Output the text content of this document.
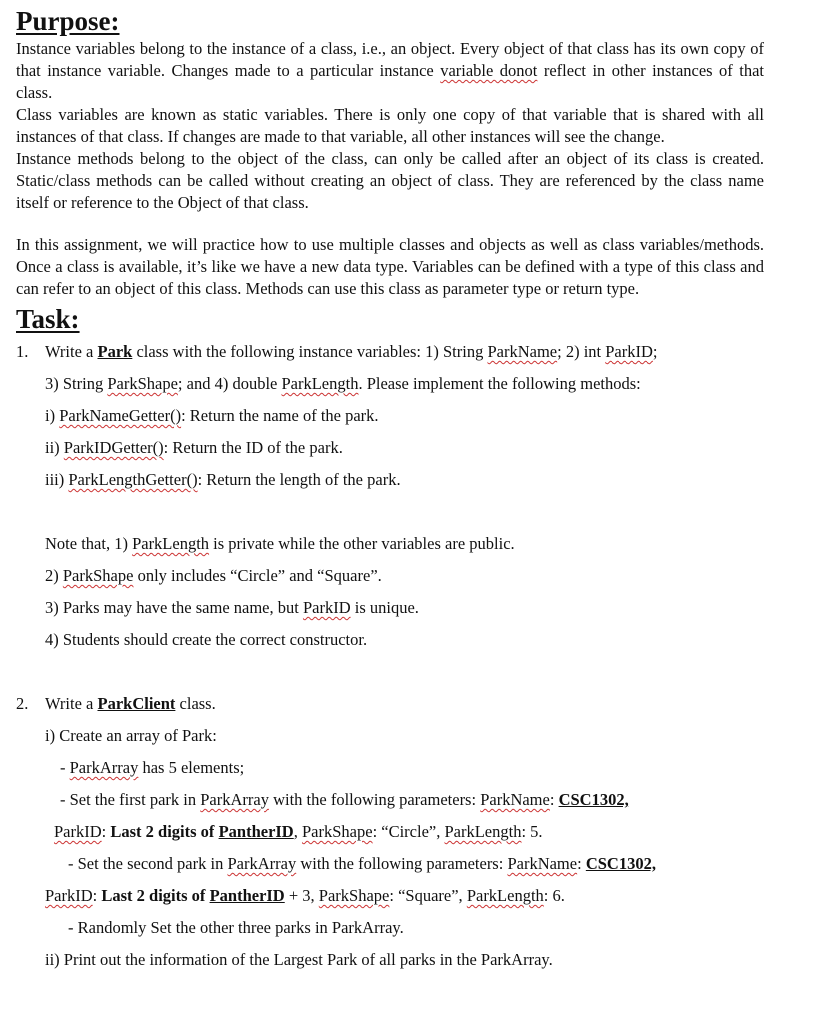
Purpose:

Instance variables belong to the instance of a class, i.e., an object. Every object of that class has its own copy of that instance variable. Changes made to a particular instance variable donot reflect in other instances of that class.

Class variables are known as static variables. There is only one copy of that variable that is shared with all instances of that class. If changes are made to that variable, all other instances will see the change.

Instance methods belong to the object of the class, can only be called after an object of its class is created. Static/class methods can be called without creating an object of class. They are referenced by the class name itself or reference to the Object of that class.

In this assignment, we will practice how to use multiple classes and objects as well as class variables/methods. Once a class is available, it’s like we have a new data type. Variables can be defined with a type of this class and can refer to an object of this class. Methods can use this class as parameter type or return type.

Task:

1. Write a Park class with the following instance variables: 1) String ParkName; 2) int ParkID;

3) String ParkShape; and 4) double ParkLength. Please implement the following methods:

i) ParkNameGetter(): Return the name of the park.

ii) ParkIDGetter(): Return the ID of the park.

iii) ParkLengthGetter(): Return the length of the park.

Note that, 1) ParkLength is private while the other variables are public.

2) ParkShape only includes “Circle” and “Square”.

3) Parks may have the same name, but ParkID is unique.

4) Students should create the correct constructor.

2. Write a ParkClient class.

i) Create an array of Park:

- ParkArray has 5 elements;

- Set the first park in ParkArray with the following parameters: ParkName: CSC1302,

ParkID: Last 2 digits of PantherID, ParkShape: “Circle”, ParkLength: 5.

- Set the second park in ParkArray with the following parameters: ParkName: CSC1302,

ParkID: Last 2 digits of PantherID + 3, ParkShape: “Square”, ParkLength: 6.

- Randomly Set the other three parks in ParkArray.

ii) Print out the information of the Largest Park of all parks in the ParkArray.
